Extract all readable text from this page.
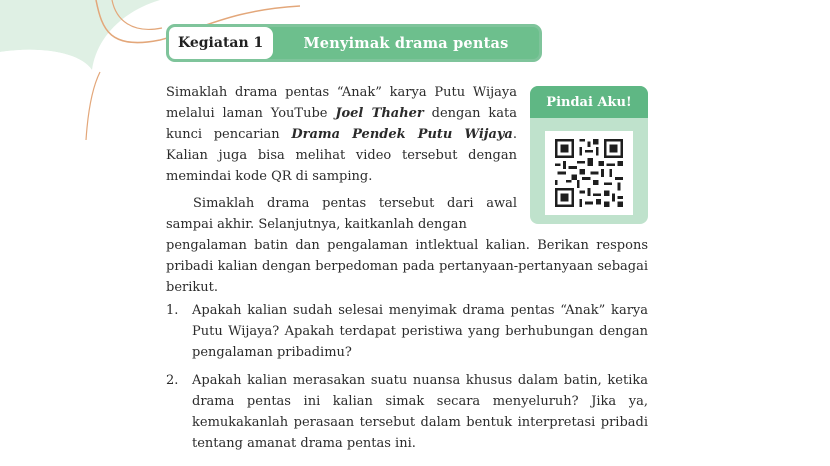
Kegiatan 1	Menyimak drama pentas

Simaklah drama pentas “Anak” karya Putu Wijaya melalui laman YouTube Joel Thaher dengan kata kunci pencarian Drama Pendek Putu Wijaya. Kalian juga bisa melihat video tersebut dengan memindai kode QR di samping.

Simaklah drama pentas tersebut dari awal sampai akhir. Selanjutnya, kaitkanlah dengan

pengalaman batin dan pengalaman intlektual kalian. Berikan respons pribadi kalian dengan berpedoman pada pertanyaan-pertanyaan sebagai berikut.

Pindai Aku!
1. Apakah kalian sudah selesai menyimak drama pentas “Anak” karya Putu Wijaya? Apakah terdapat peristiwa yang berhubungan dengan pengalaman pribadimu?
2. Apakah kalian merasakan suatu nuansa khusus dalam batin, ketika drama pentas ini kalian simak secara menyeluruh? Jika ya, kemukakanlah perasaan tersebut dalam bentuk interpretasi pribadi tentang amanat drama pentas ini.
